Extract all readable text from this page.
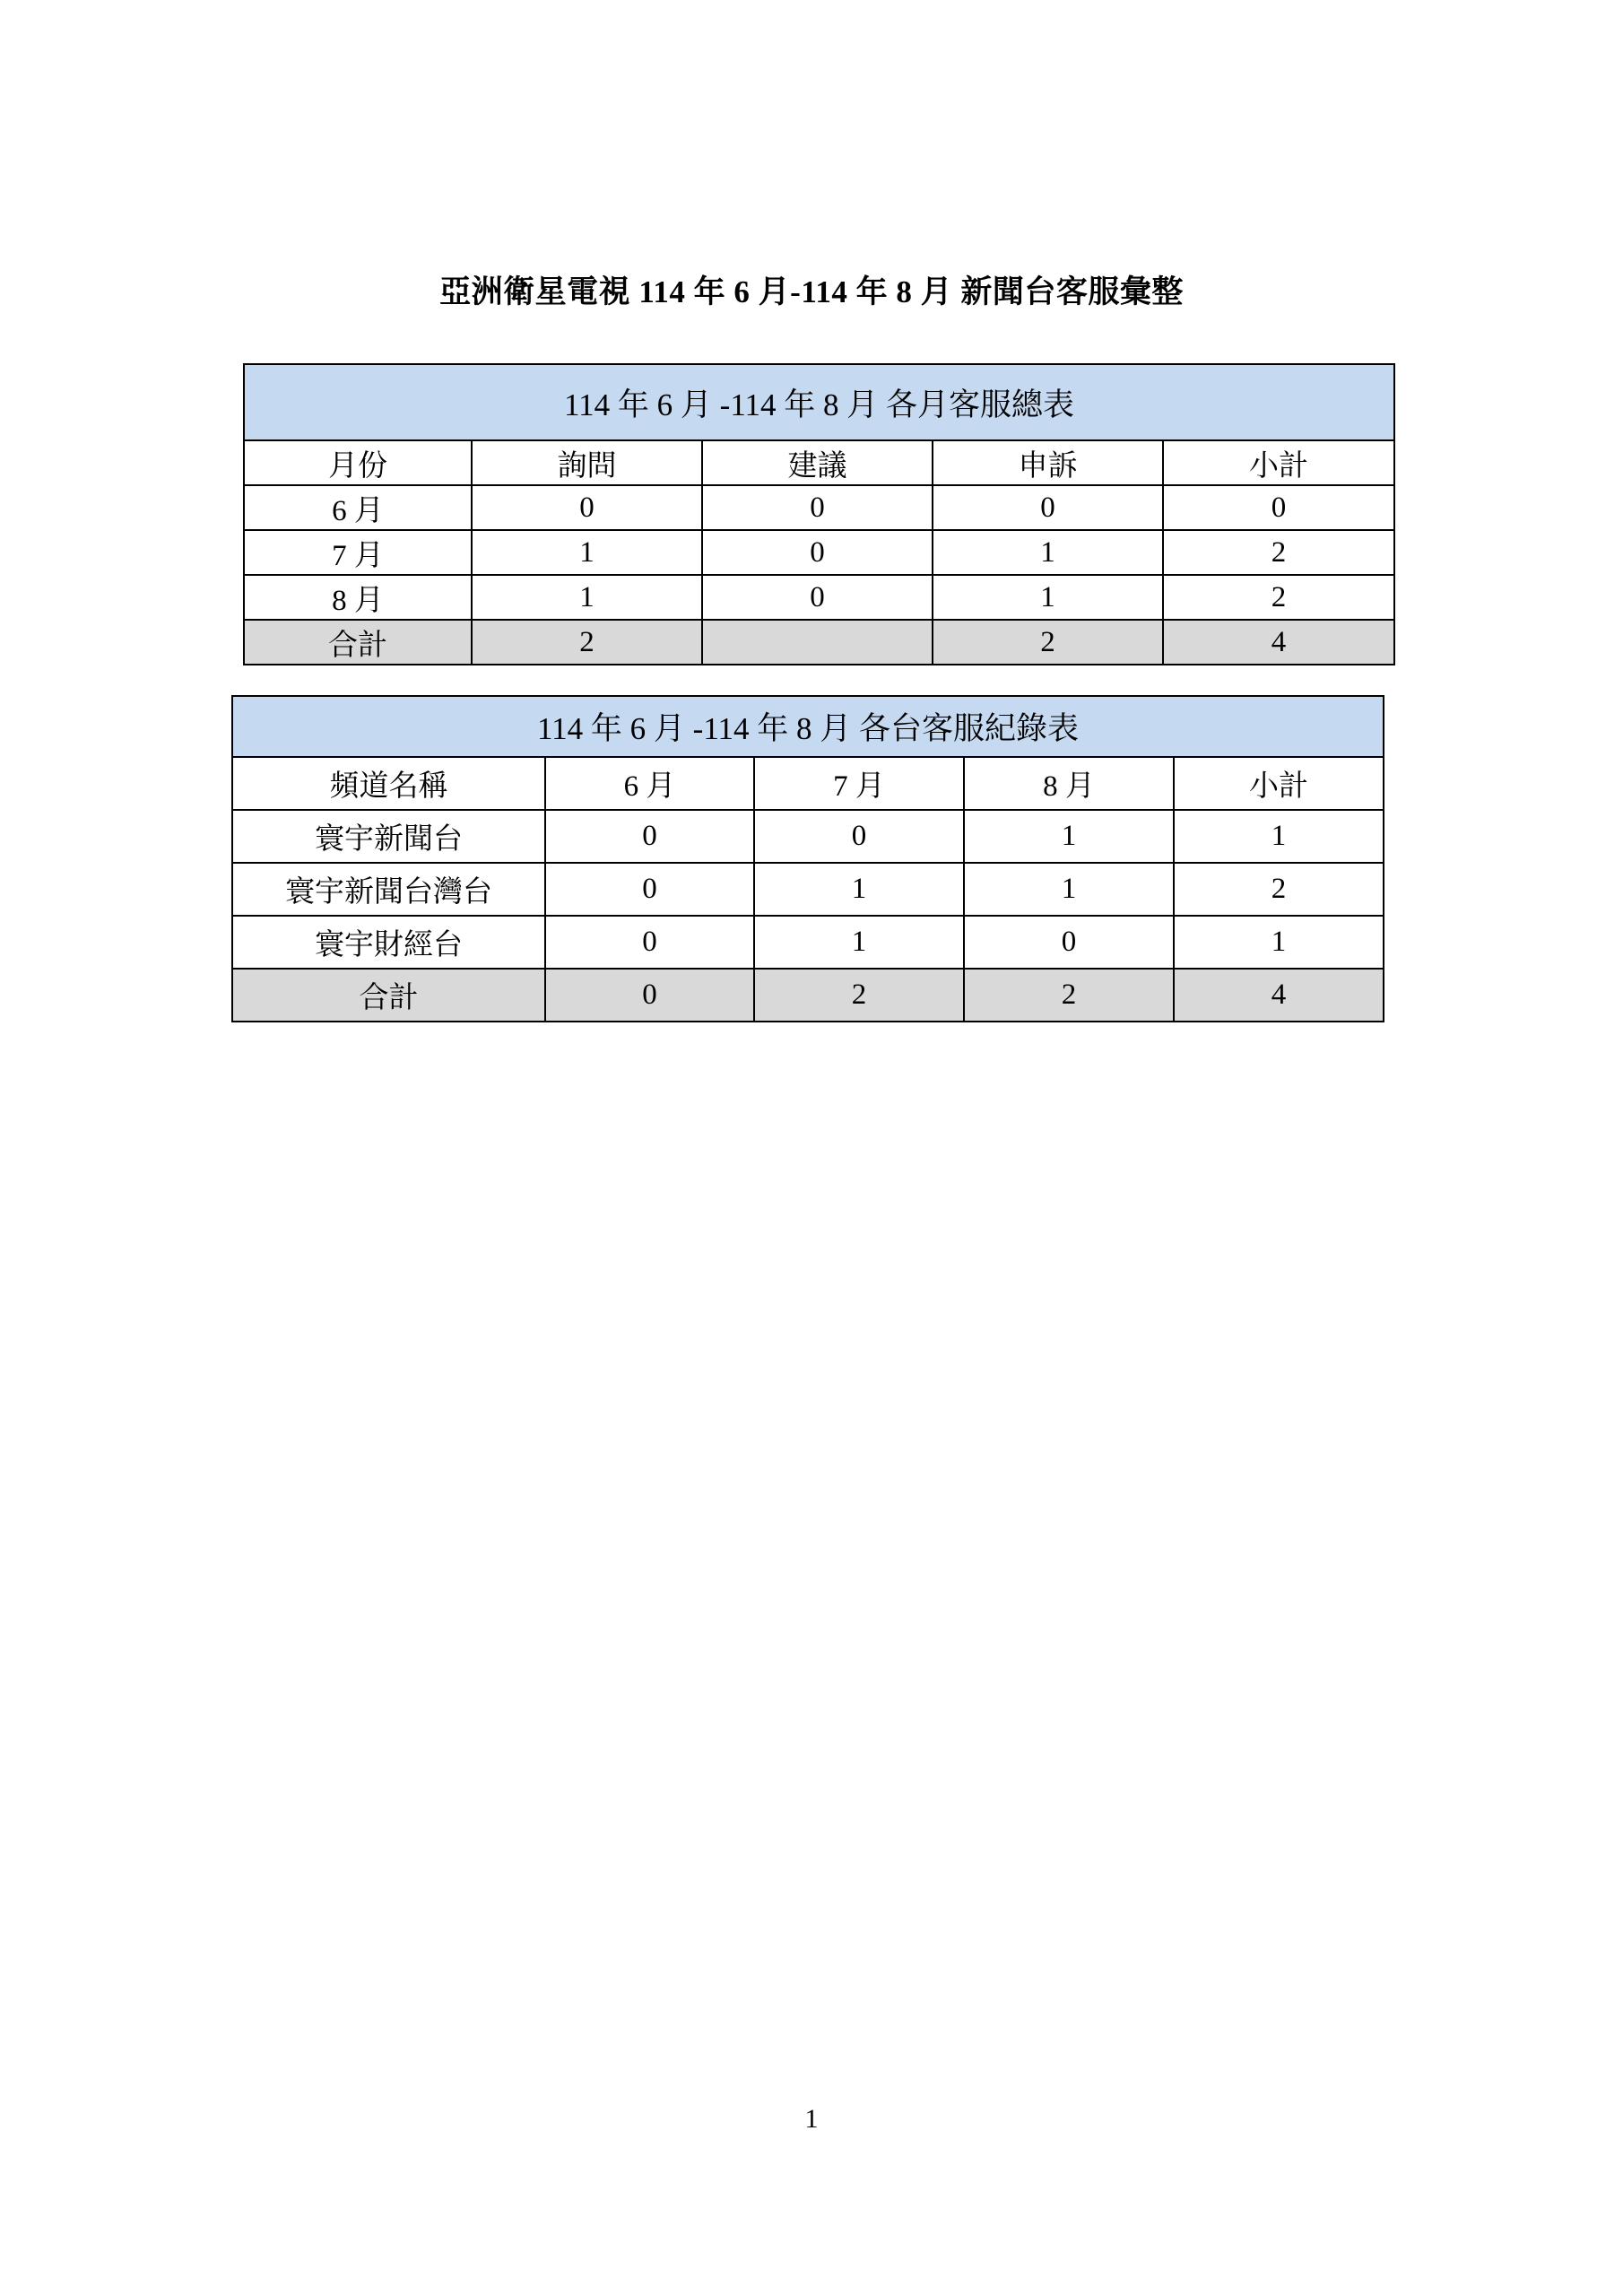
亞洲衛星電視 114 年 6 月-114 年 8 月 新聞台客服彙整
114 年 6 月 -114 年 8 月 各月客服總表				
月份	詢問	建議	申訴	小計
6 月	0	0	0	0
7 月	1	0	1	2
8 月	1	0	1	2
合計	2		2	4
114 年 6 月 -114 年 8 月 各台客服紀錄表				
頻道名稱	6 月	7 月	8 月	小計
寰宇新聞台	0	0	1	1
寰宇新聞台灣台	0	1	1	2
寰宇財經台	0	1	0	1
合計	0	2	2	4
1
